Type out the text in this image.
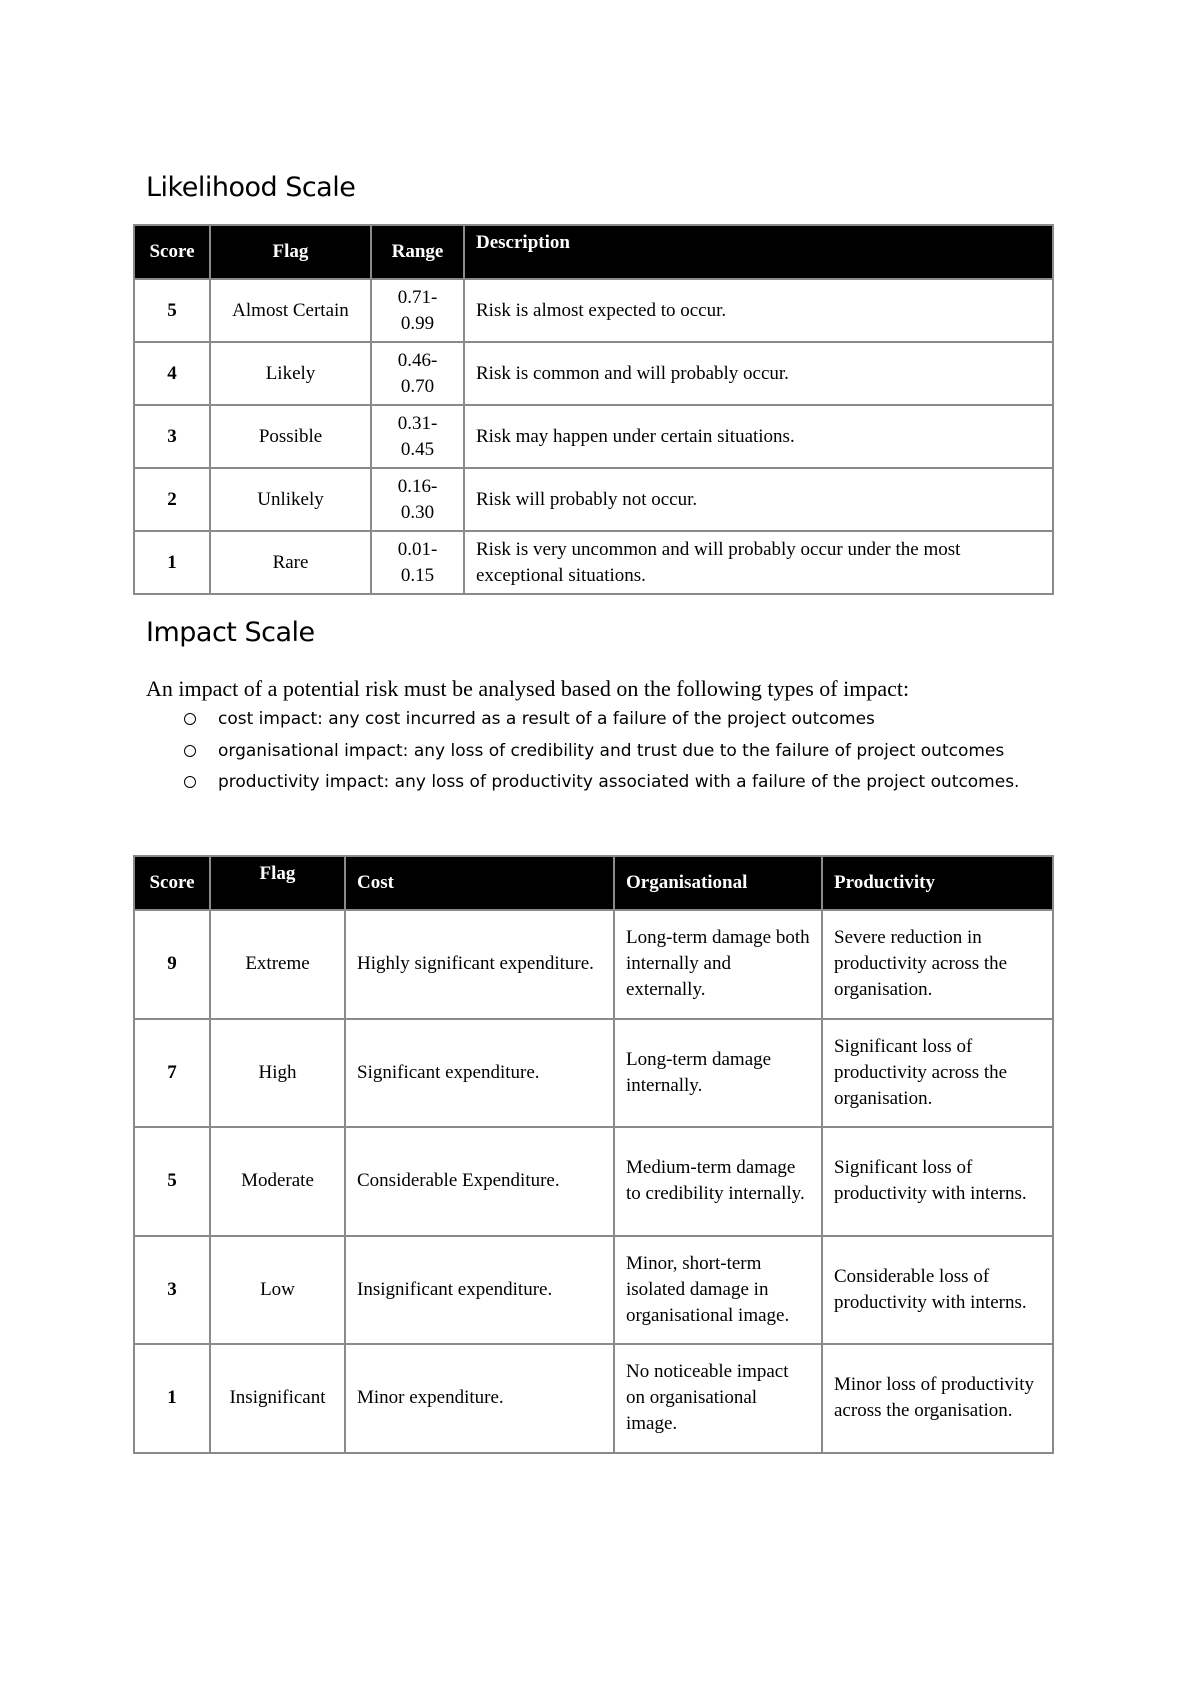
Likelihood Scale
Score	Flag	Range	Description
5	Almost Certain	0.71-0.99	Risk is almost expected to occur.
4	Likely	0.46-0.70	Risk is common and will probably occur.
3	Possible	0.31-0.45	Risk may happen under certain situations.
2	Unlikely	0.16-0.30	Risk will probably not occur.
1	Rare	0.01-0.15	Risk is very uncommon and will probably occur under the most exceptional situations.
Impact Scale
An impact of a potential risk must be analysed based on the following types of impact:
cost impact: any cost incurred as a result of a failure of the project outcomes
organisational impact: any loss of credibility and trust due to the failure of project outcomes
productivity impact: any loss of productivity associated with a failure of the project outcomes.
Score	Flag	Cost	Organisational	Productivity
9	Extreme	Highly significant expenditure.	Long-term damage both internally and externally.	Severe reduction in productivity across the organisation.
7	High	Significant expenditure.	Long-term damage internally.	Significant loss of productivity across the organisation.
5	Moderate	Considerable Expenditure.	Medium-term damage to credibility internally.	Significant loss of productivity with interns.
3	Low	Insignificant expenditure.	Minor, short-term isolated damage in organisational image.	Considerable loss of productivity with interns.
1	Insignificant	Minor expenditure.	No noticeable impact on organisational image.	Minor loss of productivity across the organisation.
